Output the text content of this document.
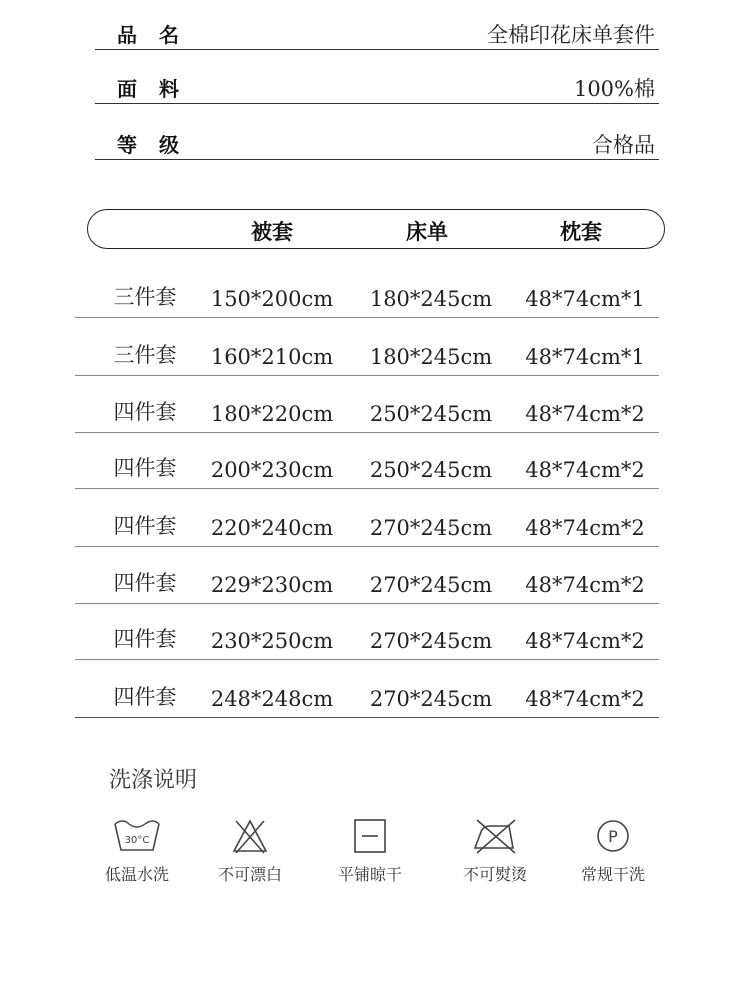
品名	全棉印花床单套件
面料	100%棉
等级	合格品
被套	床单	枕套
三件套 150*200cm 180*245cm 48*74cm*1
三件套 160*210cm 180*245cm 48*74cm*1
四件套 180*220cm 250*245cm 48*74cm*2
四件套 200*230cm 250*245cm 48*74cm*2
四件套 220*240cm 270*245cm 48*74cm*2
四件套 229*230cm 270*245cm 48*74cm*2
四件套 230*250cm 270*245cm 48*74cm*2
四件套 248*248cm 270*245cm 48*74cm*2
洗涤说明
30°C
低温水洗	不可漂白	平铺晾干	不可熨烫
P
常规干洗
